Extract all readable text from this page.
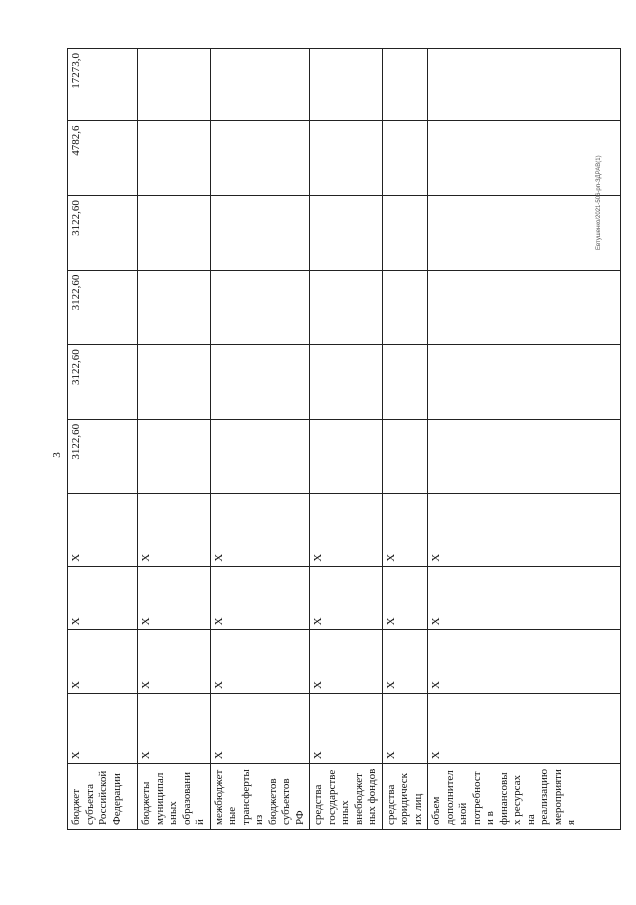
бюджет субъекта Российской Федерации	X	X	X	X	3122,60	3122,60	3122,60	3122,60	4782,6	17273,0
бюджеты муниципальных образований	X	X	X	X						
межбюджетные трансферты из бюджетов субъектов РФ	X	X	X	X						
средства государственных внебюджетных фондов	X	X	X	X						
средства юридических лиц	X	X	X	X						
объем дополнительной потребности в финансовых ресурсах на реализацию мероприятия	X	X	X	X						
3
Евтушенко/2021-506-рп-ЗДРАВ(1)
